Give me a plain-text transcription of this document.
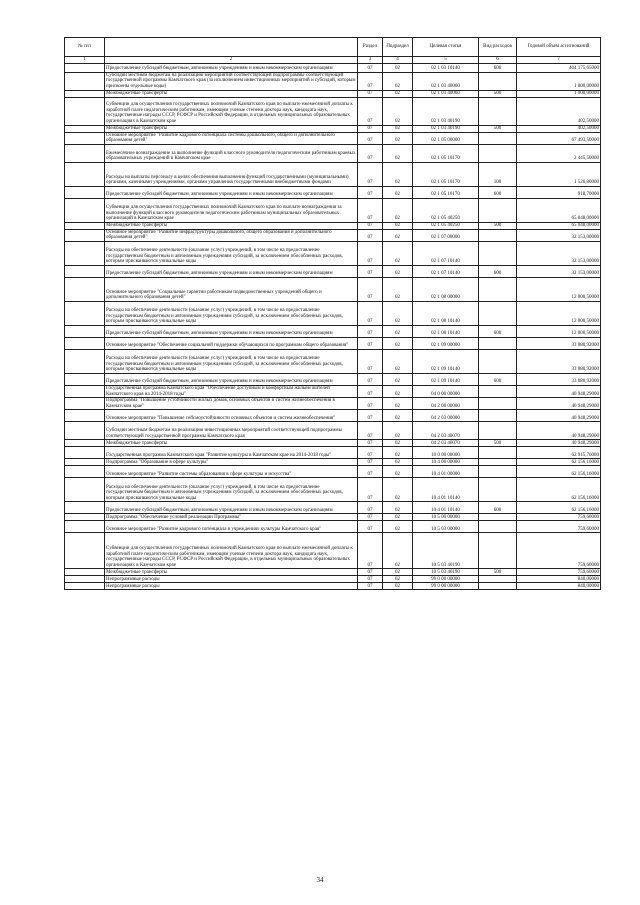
№ п/п		Раздел	Подраздел	Целевая статья	Вид расходов	Годовой объем ассигнований
1	2	3	4	5	6	7
	Предоставление субсидий бюджетным, автономным учреждениям и иным некоммерческим организациям	07	02	02 1 03 10140	600	404 175,65000
	Субсидии местным бюджетам на реализацию мероприятий соответствующей подпрограммы соответствующей государственной программы Камчатского края (за исключением инвестиционных мероприятий и субсидий, которым присвоены отдельные коды)	07	02	02 1 03 40060		1 000,00000
	Межбюджетные трансферты	07	02	02 1 03 40060	500	1 000,00000
	Субвенции для осуществления государственных полномочий Камчатского края по выплате ежемесячной доплаты к заработной плате педагогическим работникам, имеющим ученые степени доктора наук, кандидата наук, государственные награды СССР, РСФСР и Российской Федерации, в отдельных муниципальных образовательных организациях в Камчатском крае	07	02	02 1 03 40190		402,50000
	Межбюджетные трансферты	07	02	02 1 03 40190	500	402,50000
	Основное мероприятие "Развитие кадрового потенциала системы дошкольного, общего и дополнительного образования детей"	07	02	02 1 05 00000		67 493,50000
	Ежемесячное вознаграждение за выполнение функций классного руководителя педагогическим работникам краевых образовательных учреждений в Камчатском крае	07	02	02 1 05 10170		2 445,50000
	Расходы на выплаты персоналу в целях обеспечения выполнения функций государственными (муниципальными) органами, казенными учреждениями, органами управления государственными внебюджетными фондами	07	02	02 1 05 10170	100	1 526,80000
	Предоставление субсидий бюджетным, автономным учреждениям и иным некоммерческим организациям	07	02	02 1 05 10170	600	918,70000
	Субвенции для осуществления государственных полномочий Камчатского края по выплате вознаграждения за выполнение функций классного руководителя педагогическим работникам муниципальных образовательных организаций в Камчатском крае	07	02	02 1 05 40250		65 048,00000
	Межбюджетные трансферты	07	02	02 1 05 40250	500	65 048,00000
	Основное мероприятие "Развитие инфраструктуры дошкольного, общего образования и дополнительного образования детей"	07	02	02 1 07 00000		32 153,00000
	Расходы на обеспечение деятельности (оказание услуг) учреждений, в том числе на предоставление государственным бюджетным и автономным учреждениям субсидий, за исключением обособленных расходов, которым присваиваются уникальные коды	07	02	02 1 07 10140		32 153,00000
	Предоставление субсидий бюджетным, автономным учреждениям и иным некоммерческим организациям	07	02	02 1 07 10140	600	32 153,00000
	Основное мероприятие "Социальные гарантии работникам подведомственных учреждений общего и дополнительного образования детей"	07	02	02 1 08 00000		12 000,50000
	Расходы на обеспечение деятельности (оказание услуг) учреждений, в том числе на предоставление государственным бюджетным и автономным учреждениям субсидий, за исключением обособленных расходов, которым присваиваются уникальные коды	07	02	02 1 08 10140		12 000,50000
	Предоставление субсидий бюджетным, автономным учреждениям и иным некоммерческим организациям	07	02	02 1 08 10140	600	12 000,50000
	Основное мероприятие "Обеспечение социальной поддержки обучающихся по программам общего образования"	07	02	02 1 09 00000		33 080,92000
	Расходы на обеспечение деятельности (оказание услуг) учреждений, в том числе на предоставление государственным бюджетным и автономным учреждениям субсидий, за исключением обособленных расходов, которым присваиваются уникальные коды	07	02	02 1 09 10140		33 080,92000
	Предоставление субсидий бюджетным, автономным учреждениям и иным некоммерческим организациям	07	02	02 1 09 10140	600	33 080,92000
	Государственная программа Камчатского края "Обеспечение доступным и комфортным жильем жителей Камчатского края на 2014-2018 годы"	07	02	04 0 00 00000		40 948,29000
	Подпрограмма "Повышение устойчивости жилых домов, основных объектов и систем жизнеобеспечения в Камчатском крае"	07	02	04 2 00 00000		40 948,29000
	Основное мероприятие "Повышение сейсмоустойчивости основных объектов и систем жизнеобеспечения"	07	02	04 2 03 00000		40 948,29000
	Субсидии местным бюджетам на реализацию инвестиционных мероприятий соответствующей подпрограммы соответствующей государственной программы Камчатского края	07	02	04 2 03 40070		40 948,29000
	Межбюджетные трансферты	07	02	04 2 03 40070	500	40 948,29000
	Государственная программа Камчатского края "Развитие культуры в Камчатском крае на 2014-2018 годы"	07	02	10 0 00 00000		62 915,76000
	Подпрограмма "Образование в сфере культуры"	07	02	10 4 00 00000		62 156,16000
	Основное мероприятие "Развитие системы образования в сфере культуры и искусства"	07	02	10 4 01 00000		62 156,16000
	Расходы на обеспечение деятельности (оказание услуг) учреждений, в том числе на предоставление государственным бюджетным и автономным учреждениям субсидий, за исключением обособленных расходов, которым присваиваются уникальные коды	07	02	10 4 01 10140		62 156,16000
	Предоставление субсидий бюджетным, автономным учреждениям и иным некоммерческим организациям	07	02	10 4 01 10140	600	62 156,16000
	Подпрограмма "Обеспечение условий реализации Программы"	07	02	10 5 00 00000		759,60000
	Основное мероприятие "Развитие кадрового потенциала в учреждениях культуры Камчатского края"	07	02	10 5 03 00000		759,60000
	Субвенции для осуществления государственных полномочий Камчатского края по выплате ежемесячной доплаты к заработной плате педагогическим работникам, имеющим ученые степени доктора наук, кандидата наук, государственные награды СССР, РСФСР и Российской Федерации, в отдельных муниципальных образовательных организациях в Камчатском крае	07	02	10 5 03 40190		759,60000
	Межбюджетные трансферты	07	02	10 5 03 40190	500	759,60000
	Непрограммные расходы	07	02	99 0 00 00000		840,00000
	Непрограммные расходы	07	02	99 0 00 00000		840,00000
34
